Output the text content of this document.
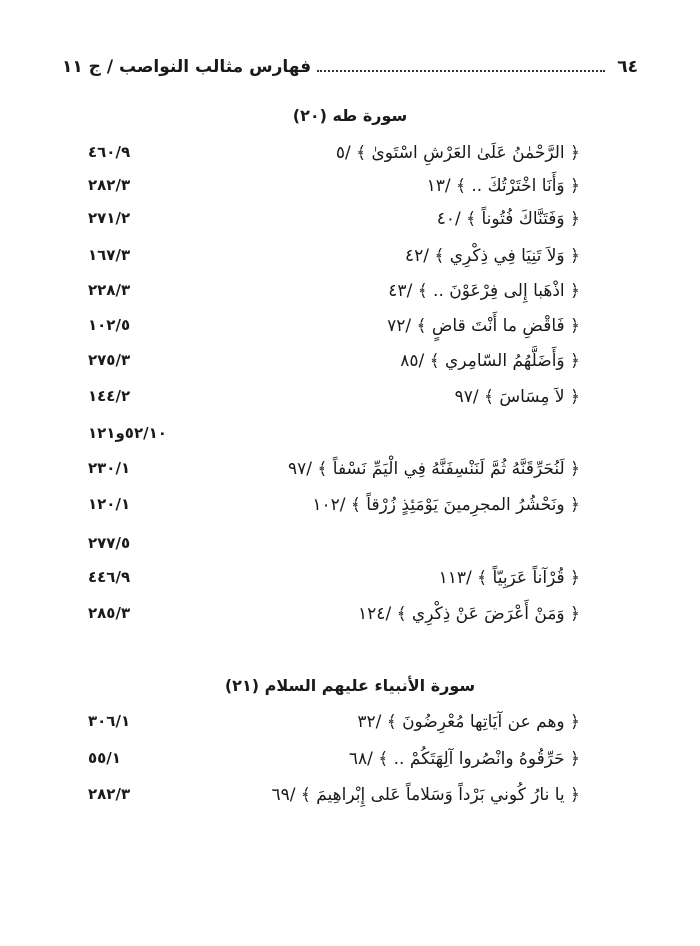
٦٤
فهارس مثالب النواصب / ج ١١
سورة طه (٢٠)
٤٦٠/٩	﴿ الرَّحْمٰنُ عَلَىٰ العَرْشِ اسْتَوىٰ ﴾ /٥
٢٨٢/٣	﴿ وَأَنَا اخْتَرْتُكَ .. ﴾ /١٣
٢٧١/٢	﴿ وَفَتَنَّاكَ فُتُوناً ﴾ /٤٠
١٦٧/٣	﴿ وَلاَ تَنِيَا فِي ذِكْرِي ﴾ /٤٢
٢٢٨/٣	﴿ اذْهَبا إِلى فِرْعَوْنَ .. ﴾ /٤٣
١٠٢/٥	﴿ فَاقْضِ ما أَنْتَ قاضٍ ﴾ /٧٢
٢٧٥/٣	﴿ وَأَضَلَّهُمُ السّامِري ﴾ /٨٥
١٤٤/٢	﴿ لاَ مِسَاسَ ﴾ /٩٧
٥٢/١٠و١٢١
٢٣٠/١	﴿ لَنُحَرِّقَنَّهُ ثُمَّ لَنَنْسِفَنَّهُ فِي الْيَمِّ نَسْفاً ﴾ /٩٧
١٢٠/١	﴿ ونَحْشُرُ المجرِمينَ يَوْمَئِذٍ زُرْقاً ﴾ /١٠٢
٢٧٧/٥
٤٤٦/٩	﴿ قُرْآناً عَرَبِيّاً ﴾ /١١٣
٢٨٥/٣	﴿ وَمَنْ أَعْرَضَ عَنْ ذِكْرِي ﴾ /١٢٤
سورة الأنبياء عليهم السلام (٢١)
٣٠٦/١	﴿ وهم عن آيَاتِها مُعْرِضُونَ ﴾ /٣٢
٥٥/١	﴿ حَرِّقُوهُ وانْصُروا آلِهَتَكُمْ .. ﴾ /٦٨
٢٨٢/٣	﴿ يا نارُ كُوني بَرْداً وَسَلاماً عَلى إِبْراهِيمَ ﴾ /٦٩
